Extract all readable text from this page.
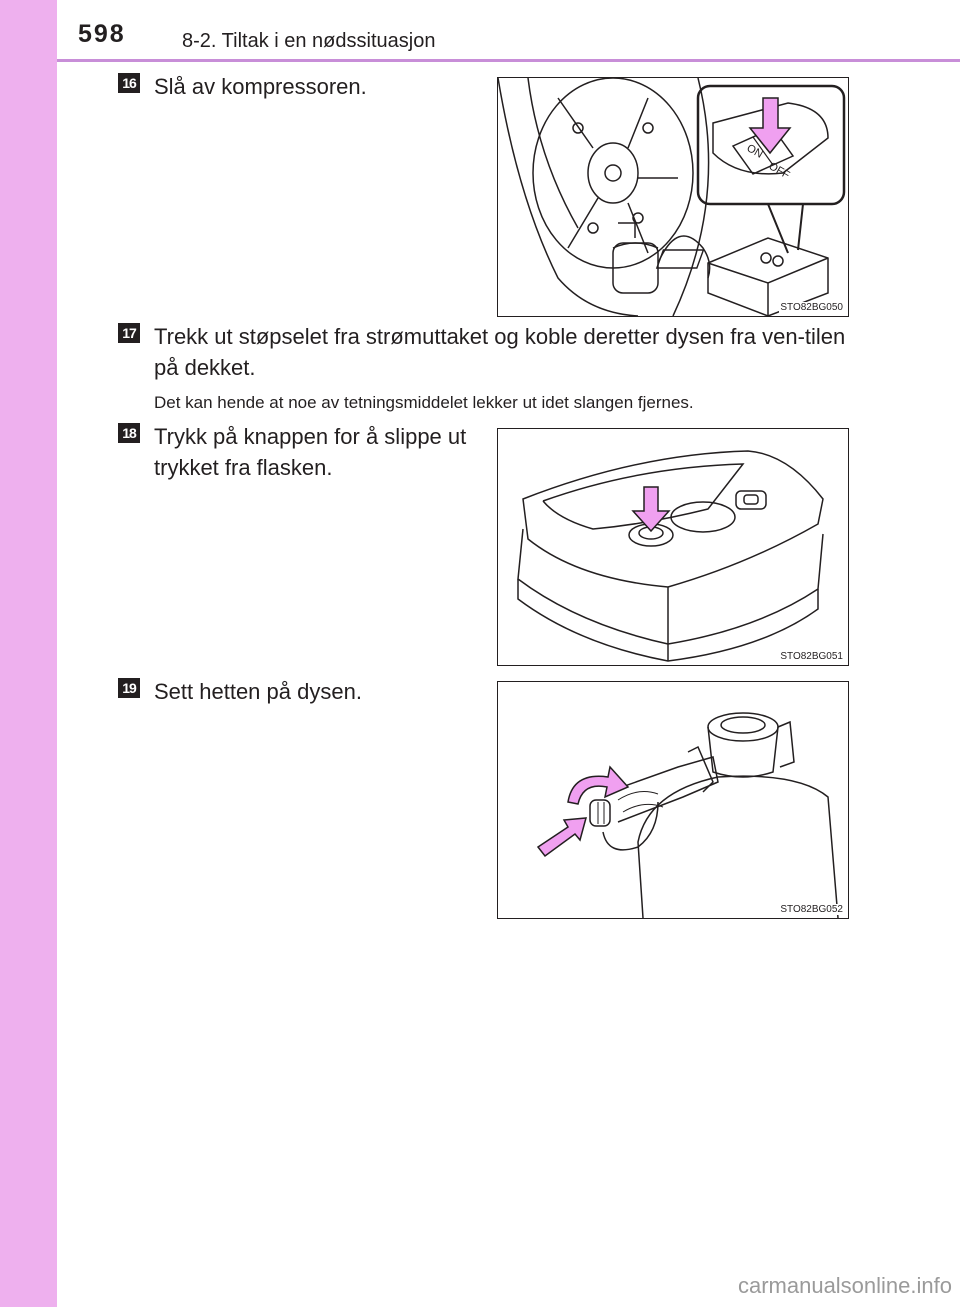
598	8-2. Tiltak i en nødssituasjon
16 Slå av kompressoren.
ON
OFF
STO82BG050
17 Trekk ut støpselet fra strømuttaket og koble deretter dysen fra ven-tilen på dekket.
Det kan hende at noe av tetningsmiddelet lekker ut idet slangen fjernes.
18 Trykk på knappen for å slippe ut trykket fra flasken.
STO82BG051
19 Sett hetten på dysen.
STO82BG052
carmanualsonline.info
